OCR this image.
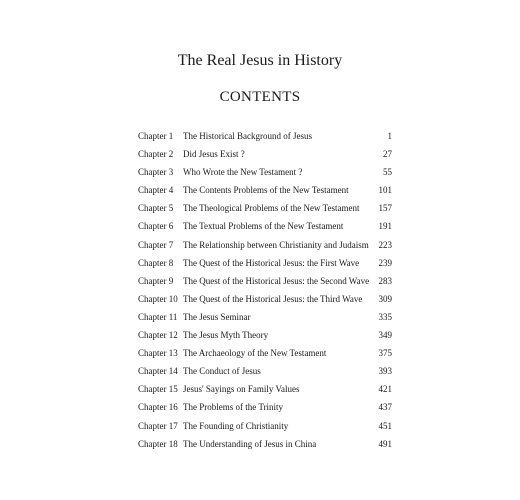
The Real Jesus in History
CONTENTS
Chapter 1 The Historical Background of Jesus	1
Chapter 2 Did Jesus Exist ?	27
Chapter 3 Who Wrote the New Testament ?	55
Chapter 4 The Contents Problems of the New Testament	101
Chapter 5 The Theological Problems of the New Testament 157
Chapter 6 The Textual Problems of the New Testament	191
Chapter 7 The Relationship between Christianity and Judaism 223
Chapter 8 The Quest of the Historical Jesus: the First Wave 239
Chapter 9 The Quest of the Historical Jesus: the Second Wave 283
Chapter 10 The Quest of the Historical Jesus: the Third Wave 309
Chapter 11 The Jesus Seminar	335
Chapter 12 The Jesus Myth Theory	349
Chapter 13 The Archaeology of the New Testament	375
Chapter 14 The Conduct of Jesus	393
Chapter 15 Jesus' Sayings on Family Values	421
Chapter 16 The Problems of the Trinity	437
Chapter 17 The Founding of Christianity	451
Chapter 18 The Understanding of Jesus in China	491
